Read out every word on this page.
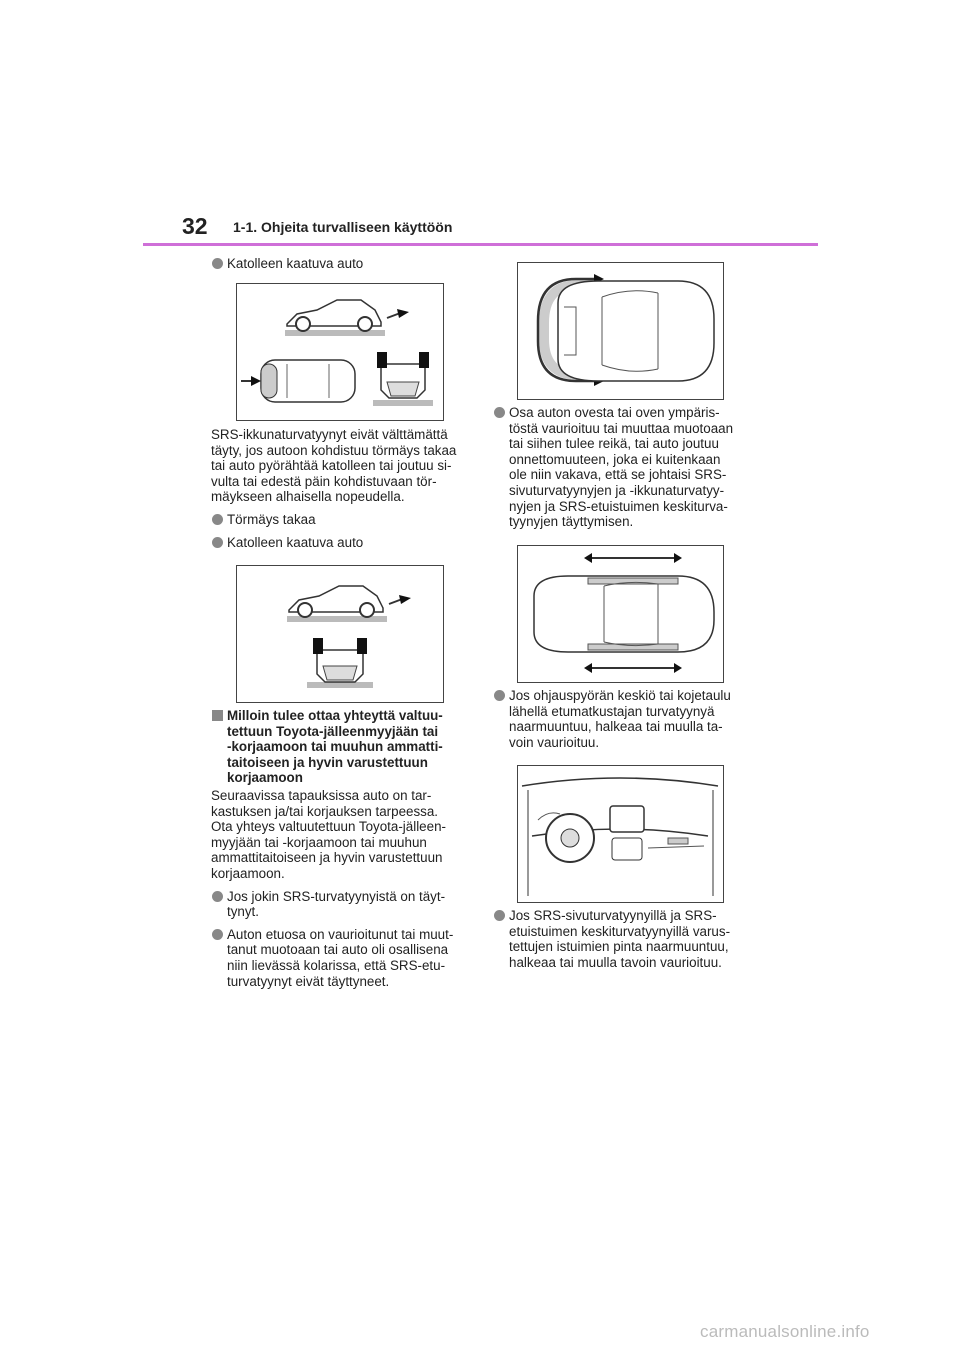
32 1-1. Ohjeita turvalliseen käyttöön

Katolleen kaatuva auto

SRS-ikkunaturvatyynyt eivät välttämättä
täyty, jos autoon kohdistuu törmäys takaa
tai auto pyörähtää katolleen tai joutuu si-
vulta tai edestä päin kohdistuvaan tör-
mäykseen alhaisella nopeudella.

Törmäys takaa

Katolleen kaatuva auto

Milloin tulee ottaa yhteyttä valtuu-
tettuun Toyota-jälleenmyyjään tai
-korjaamoon tai muuhun ammatti-
taitoiseen ja hyvin varustettuun
korjaamoon

Seuraavissa tapauksissa auto on tar-
kastuksen ja/tai korjauksen tarpeessa.
Ota yhteys valtuutettuun Toyota-jälleen-
myyjään tai -korjaamoon tai muuhun
ammattitaitoiseen ja hyvin varustettuun
korjaamoon.

Jos jokin SRS-turvatyynyistä on täyt-
tynyt.

Auton etuosa on vaurioitunut tai muut-
tanut muotoaan tai auto oli osallisena
niin lievässä kolarissa, että SRS-etu-
turvatyynyt eivät täyttyneet.

Osa auton ovesta tai oven ympäris-
töstä vaurioituu tai muuttaa muotoaan
tai siihen tulee reikä, tai auto joutuu
onnettomuuteen, joka ei kuitenkaan
ole niin vakava, että se johtaisi SRS-
sivuturvatyynyjen ja -ikkunaturvatyy-
nyjen ja SRS-etuistuimen keskiturva-
tyynyjen täyttymisen.

Jos ohjauspyörän keskiö tai kojetaulu
lähellä etumatkustajan turvatyynyä
naarmuuntuu, halkeaa tai muulla ta-
voin vaurioituu.

Jos SRS-sivuturvatyynyillä ja SRS-
etuistuimen keskiturvatyynyillä varus-
tettujen istuimien pinta naarmuuntuu,
halkeaa tai muulla tavoin vaurioituu.

carmanualsonline.info
